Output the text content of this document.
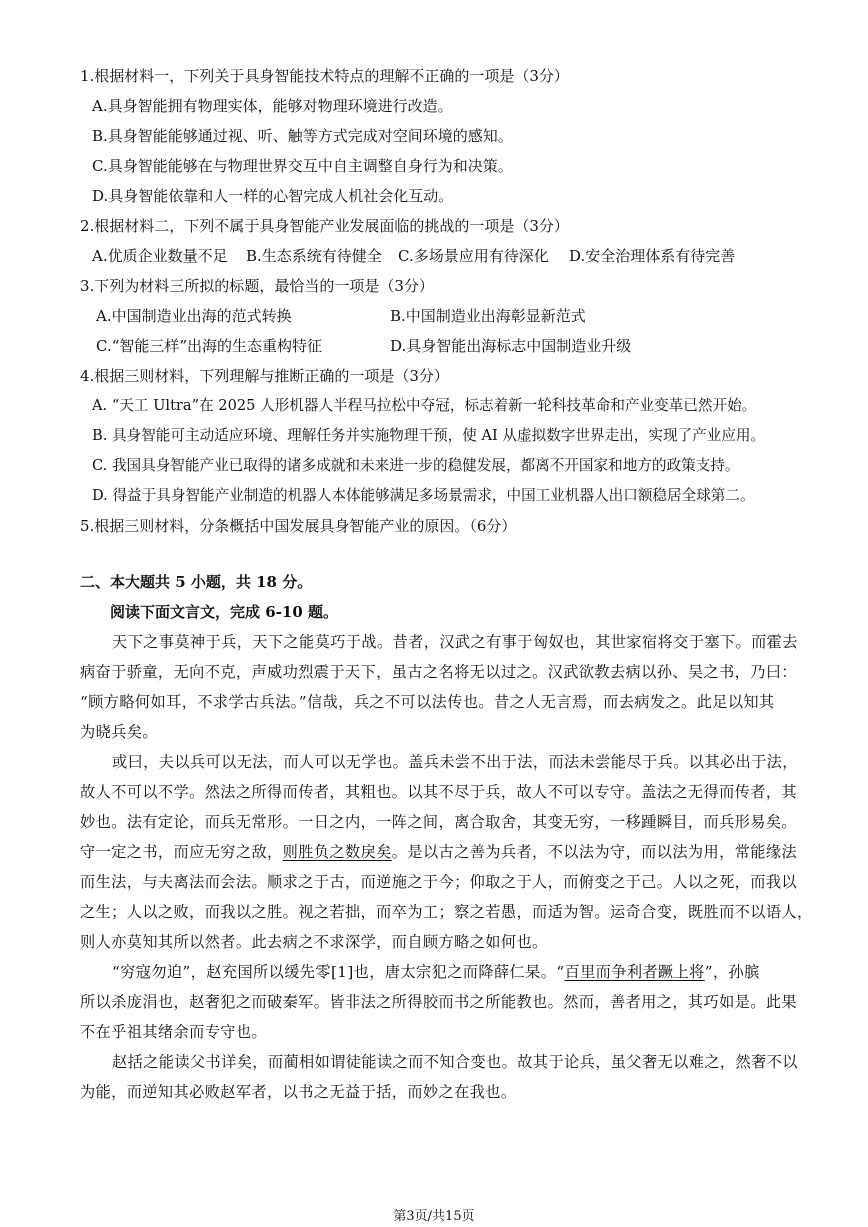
1.根据材料一，下列关于具身智能技术特点的理解不正确的一项是（3分）
A.具身智能拥有物理实体，能够对物理环境进行改造。
B.具身智能能够通过视、听、触等方式完成对空间环境的感知。
C.具身智能能够在与物理世界交互中自主调整自身行为和决策。
D.具身智能依靠和人一样的心智完成人机社会化互动。
2.根据材料二，下列不属于具身智能产业发展面临的挑战的一项是（3分）
A.优质企业数量不足	B.生态系统有待健全	C.多场景应用有待深化	D.安全治理体系有待完善
3.下列为材料三所拟的标题，最恰当的一项是（3分）
A.中国制造业出海的范式转换	B.中国制造业出海彰显新范式
C.“智能三样”出海的生态重构特征	D.具身智能出海标志中国制造业升级
4.根据三则材料，下列理解与推断正确的一项是（3分）
A. “天工 Ultra”在 2025 人形机器人半程马拉松中夺冠，标志着新一轮科技革命和产业变革已然开始。
B. 具身智能可主动适应环境、理解任务并实施物理干预，使 AI 从虚拟数字世界走出，实现了产业应用。
C. 我国具身智能产业已取得的诸多成就和未来进一步的稳健发展，都离不开国家和地方的政策支持。
D. 得益于具身智能产业制造的机器人本体能够满足多场景需求，中国工业机器人出口额稳居全球第二。
5.根据三则材料，分条概括中国发展具身智能产业的原因。（6分）
二、本大题共 5 小题，共 18 分。
阅读下面文言文，完成 6-10 题。
天下之事莫神于兵，天下之能莫巧于战。昔者，汉武之有事于匈奴也，其世家宿将交于塞下。而霍去
病奋于骄童，无向不克，声威功烈震于天下，虽古之名将无以过之。汉武欲教去病以孙、吴之书，乃曰：
“顾方略何如耳，不求学古兵法。”信哉，兵之不可以法传也。昔之人无言焉，而去病发之。此足以知其
为晓兵矣。
或曰，夫以兵可以无法，而人可以无学也。盖兵未尝不出于法，而法未尝能尽于兵。以其必出于法，
故人不可以不学。然法之所得而传者，其粗也。以其不尽于兵，故人不可以专守。盖法之无得而传者，其
妙也。法有定论，而兵无常形。一日之内，一阵之间，离合取舍，其变无穷，一移踵瞬目，而兵形易矣。
守一定之书，而应无穷之敌，则胜负之数戾矣。是以古之善为兵者，不以法为守，而以法为用，常能缘法
而生法，与夫离法而会法。顺求之于古，而逆施之于今；仰取之于人，而俯变之于己。人以之死，而我以
之生；人以之败，而我以之胜。视之若拙，而卒为工；察之若愚，而适为智。运奇合变，既胜而不以语人，
则人亦莫知其所以然者。此去病之不求深学，而自顾方略之如何也。
“穷寇勿迫”，赵充国所以缓先零[1]也，唐太宗犯之而降薛仁杲。“百里而争利者蹶上将”，孙膑
所以杀庞涓也，赵奢犯之而破秦军。皆非法之所得胶而书之所能教也。然而，善者用之，其巧如是。此果
不在乎祖其绪余而专守也。
赵括之能读父书详矣，而蔺相如谓徒能读之而不知合变也。故其于论兵，虽父奢无以难之，然奢不以
为能，而逆知其必败赵军者，以书之无益于括，而妙之在我也。
第3页/共15页
